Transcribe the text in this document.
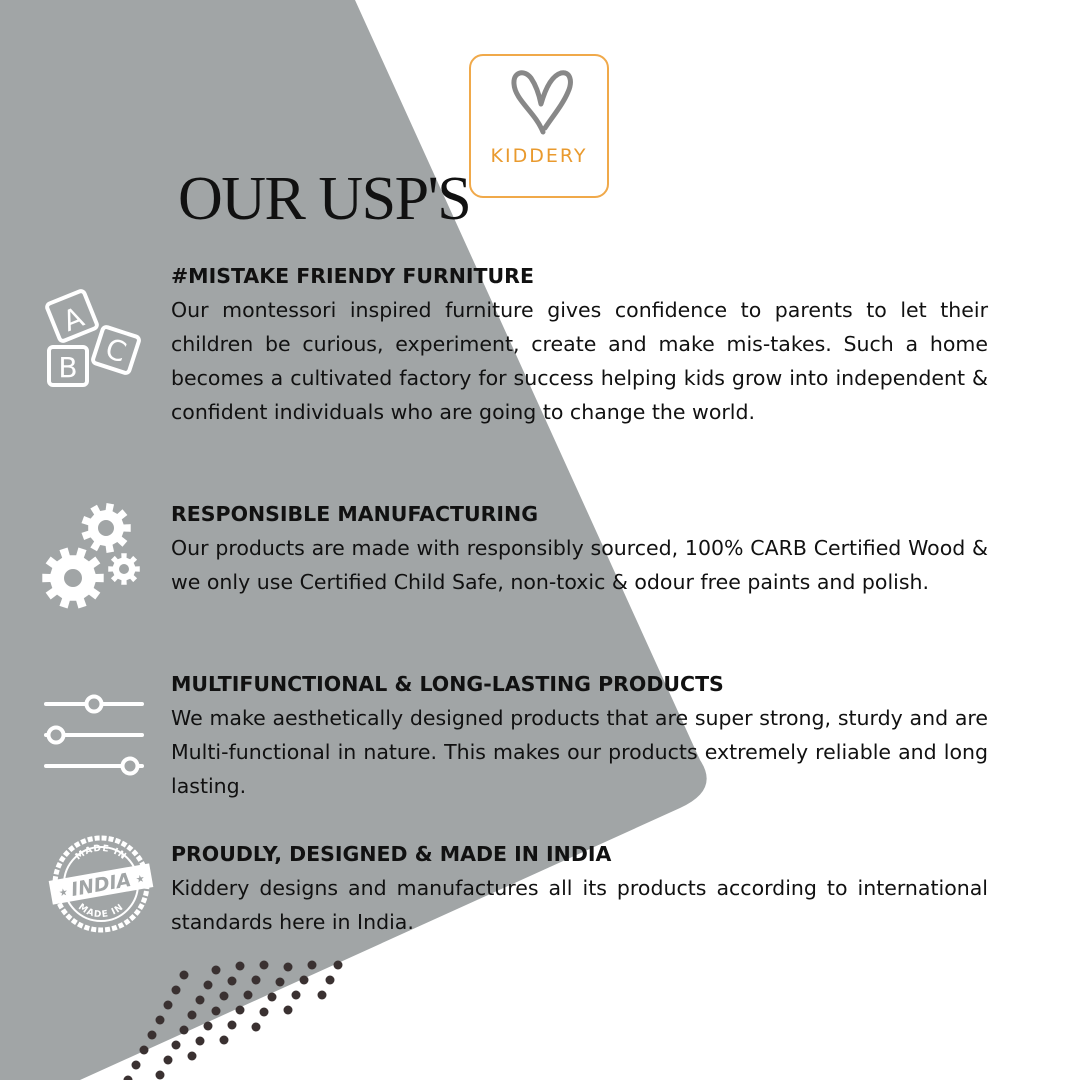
KIDDERY
OUR USP'S
A
B C
MADE IN
INDIA
★
★
MADE IN
#MISTAKE FRIENDY FURNITURE

Our montessori inspired furniture gives confidence to parents to let their children be curious, experiment, create and make mis-takes. Such a home becomes a cultivated factory for success helping kids grow into independent & confident individuals who are going to change the world.

RESPONSIBLE MANUFACTURING

Our products are made with responsibly sourced, 100% CARB Certified Wood & we only use Certified Child Safe, non-toxic & odour free paints and polish.

MULTIFUNCTIONAL & LONG-LASTING PRODUCTS

We make aesthetically designed products that are super strong, sturdy and are Multi-functional in nature. This makes our products extremely reliable and long lasting.

PROUDLY, DESIGNED & MADE IN INDIA

Kiddery designs and manufactures all its products according to international standards here in India.
